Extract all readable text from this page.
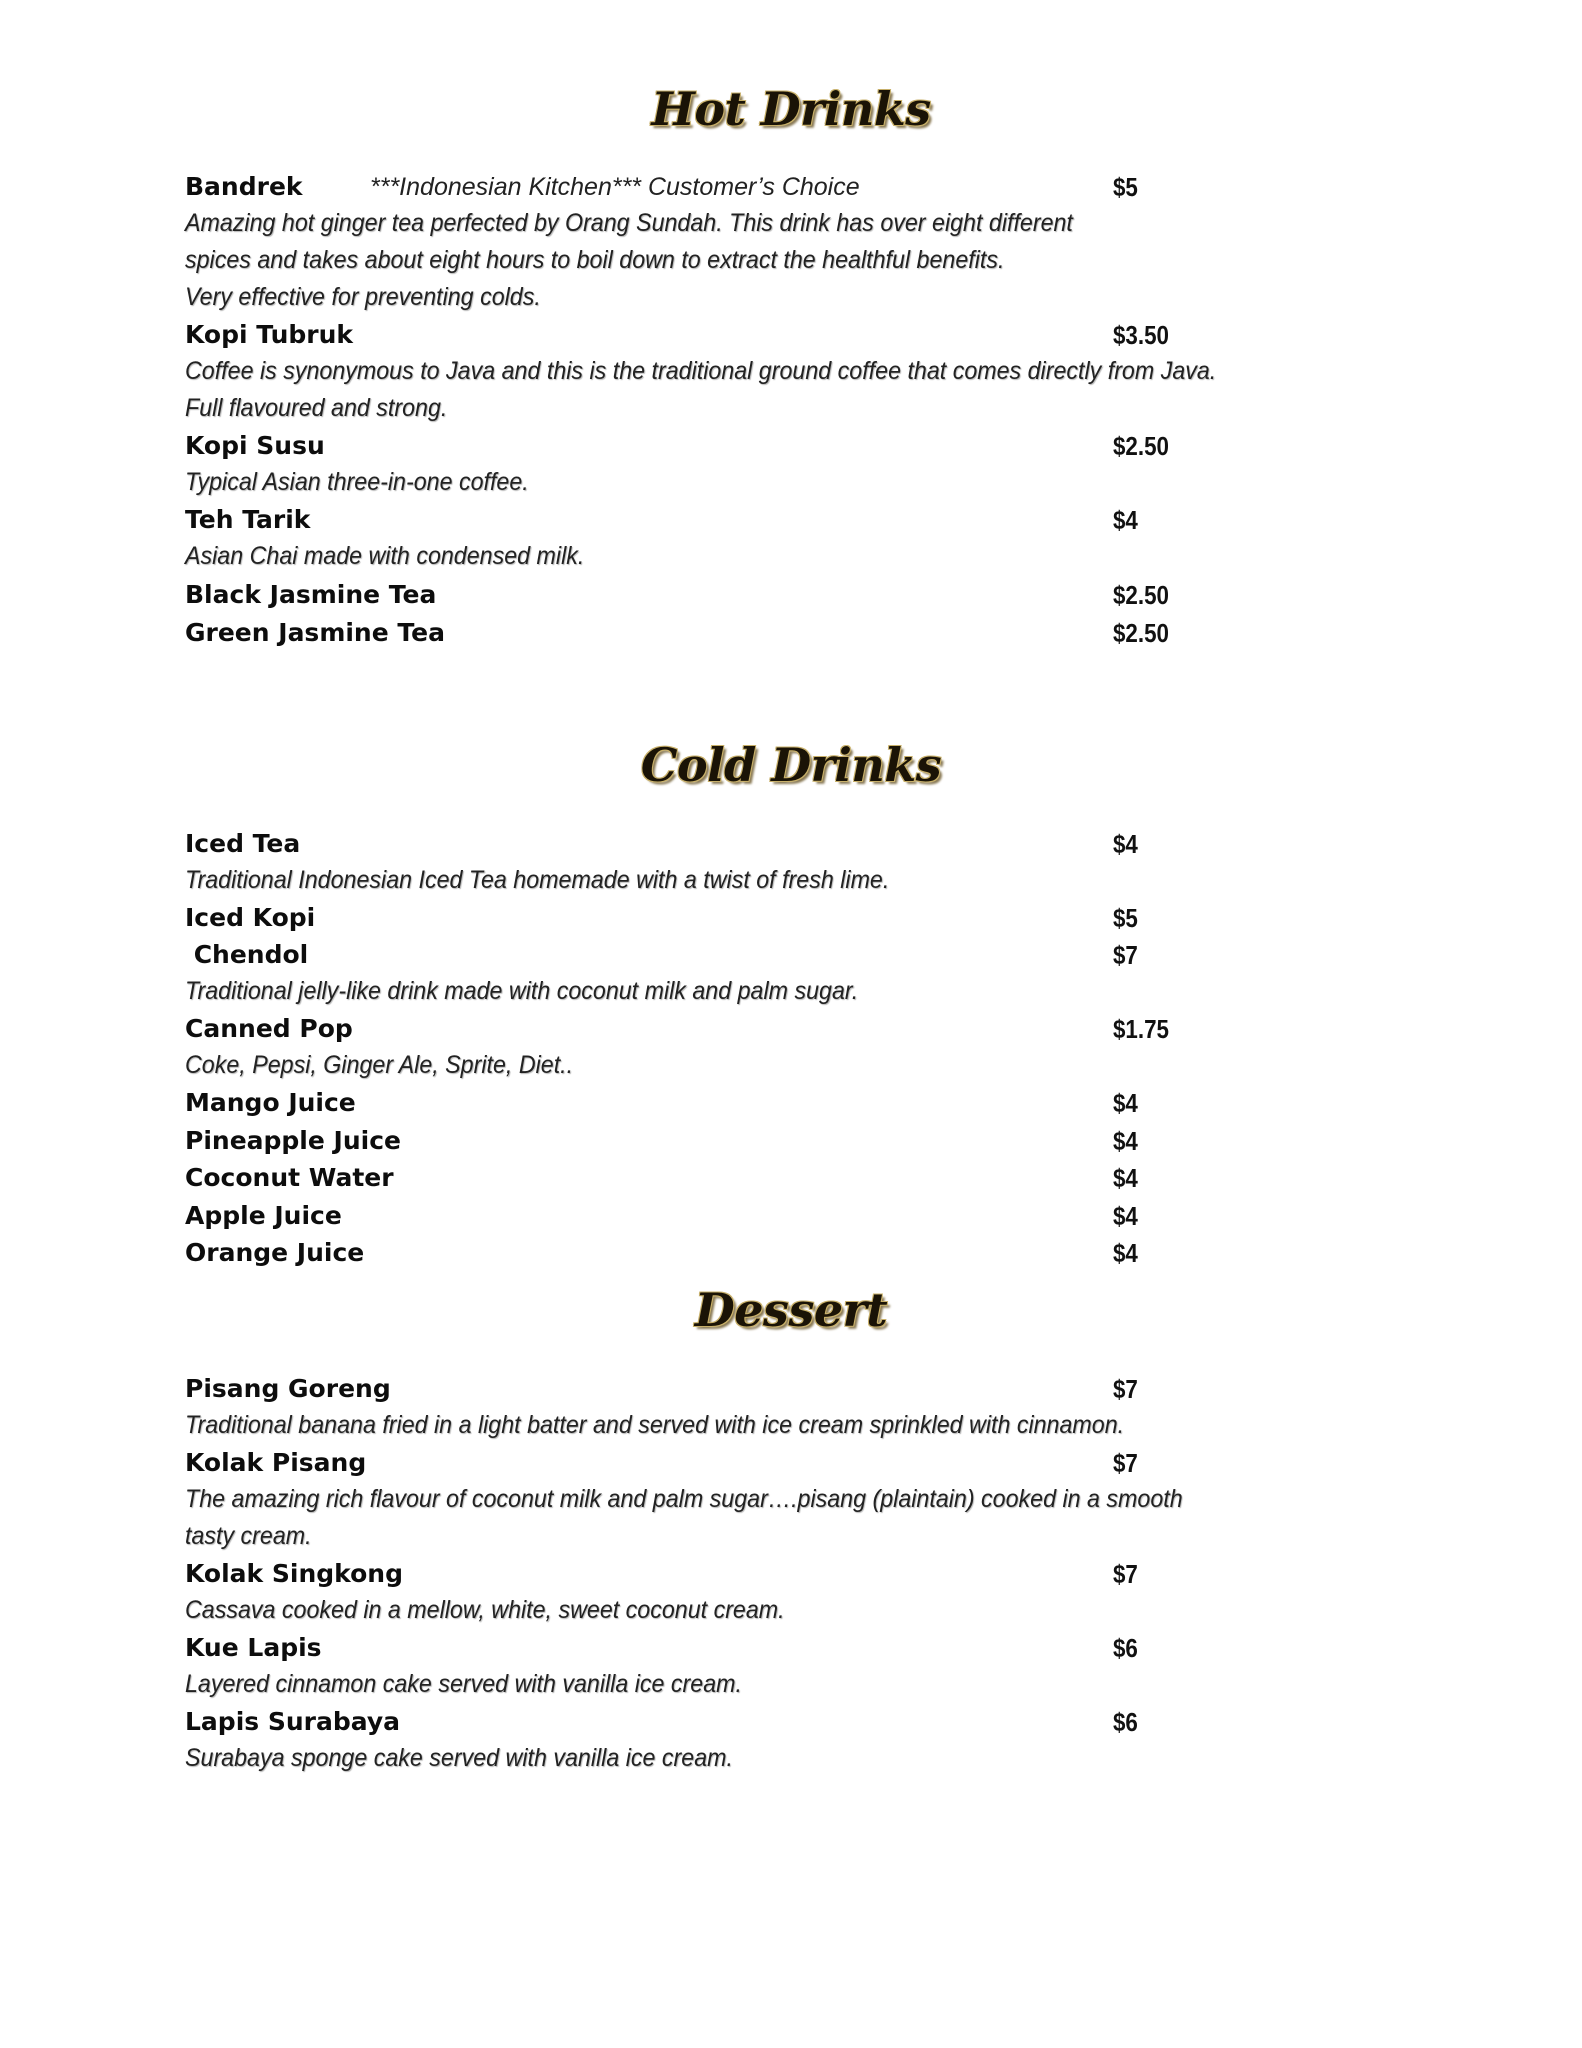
Hot Drinks
Bandrek	***Indonesian Kitchen*** Customer’s Choice	$5
Amazing hot ginger tea perfected by Orang Sundah. This drink has over eight different
spices and takes about eight hours to boil down to extract the healthful benefits.
Very effective for preventing colds.
Kopi Tubruk	$3.50
Coffee is synonymous to Java and this is the traditional ground coffee that comes directly from Java.
Full flavoured and strong.
Kopi Susu	$2.50
Typical Asian three-in-one coffee.
Teh Tarik	$4
Asian Chai made with condensed milk.
Black Jasmine Tea	$2.50
Green Jasmine Tea	$2.50
Cold Drinks
Iced Tea	$4
Traditional Indonesian Iced Tea homemade with a twist of fresh lime.
Iced Kopi	$5
Chendol	$7
Traditional jelly-like drink made with coconut milk and palm sugar.
Canned Pop	$1.75
Coke, Pepsi, Ginger Ale, Sprite, Diet..
Mango Juice	$4
Pineapple Juice	$4
Coconut Water	$4
Apple Juice	$4
Orange Juice	$4
Dessert
Pisang Goreng	$7
Traditional banana fried in a light batter and served with ice cream sprinkled with cinnamon.
Kolak Pisang	$7
The amazing rich flavour of coconut milk and palm sugar….pisang (plaintain) cooked in a smooth
tasty cream.
Kolak Singkong	$7
Cassava cooked in a mellow, white, sweet coconut cream.
Kue Lapis	$6
Layered cinnamon cake served with vanilla ice cream.
Lapis Surabaya	$6
Surabaya sponge cake served with vanilla ice cream.
